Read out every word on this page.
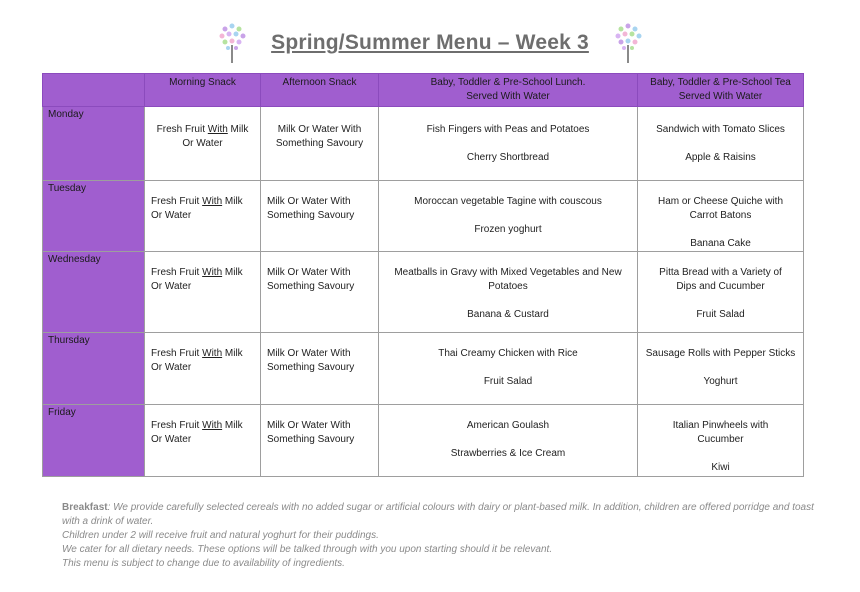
Spring/Summer Menu – Week 3
	Morning Snack	Afternoon Snack	Baby, Toddler & Pre-School Lunch.
Served With Water	Baby, Toddler & Pre-School Tea
Served With Water

Monday	Fresh Fruit With Milk
Or Water	Milk Or Water With
Something Savoury	Fish Fingers with Peas and Potatoes
Cherry Shortbread	Sandwich with Tomato Slices
Apple & Raisins

Tuesday	Fresh Fruit With Milk
Or Water	Milk Or Water With
Something Savoury	Moroccan vegetable Tagine with couscous
Frozen yoghurt	Ham or Cheese Quiche with
Carrot Batons
Banana Cake

Wednesday	Fresh Fruit With Milk
Or Water	Milk Or Water With
Something Savoury	Meatballs in Gravy with Mixed Vegetables and New
Potatoes
Banana & Custard	Pitta Bread with a Variety of
Dips and Cucumber
Fruit Salad

Thursday	Fresh Fruit With Milk
Or Water	Milk Or Water With
Something Savoury	Thai Creamy Chicken with Rice
Fruit Salad	Sausage Rolls with Pepper Sticks
Yoghurt

Friday	Fresh Fruit With Milk
Or Water	Milk Or Water With
Something Savoury	American Goulash
Strawberries & Ice Cream	Italian Pinwheels with
Cucumber
Kiwi
Breakfast: We provide carefully selected cereals with no added sugar or artificial colours with dairy or plant-based milk. In addition, children are offered porridge and toast with a drink of water.
Children under 2 will receive fruit and natural yoghurt for their puddings.
We cater for all dietary needs. These options will be talked through with you upon starting should it be relevant.
This menu is subject to change due to availability of ingredients.
